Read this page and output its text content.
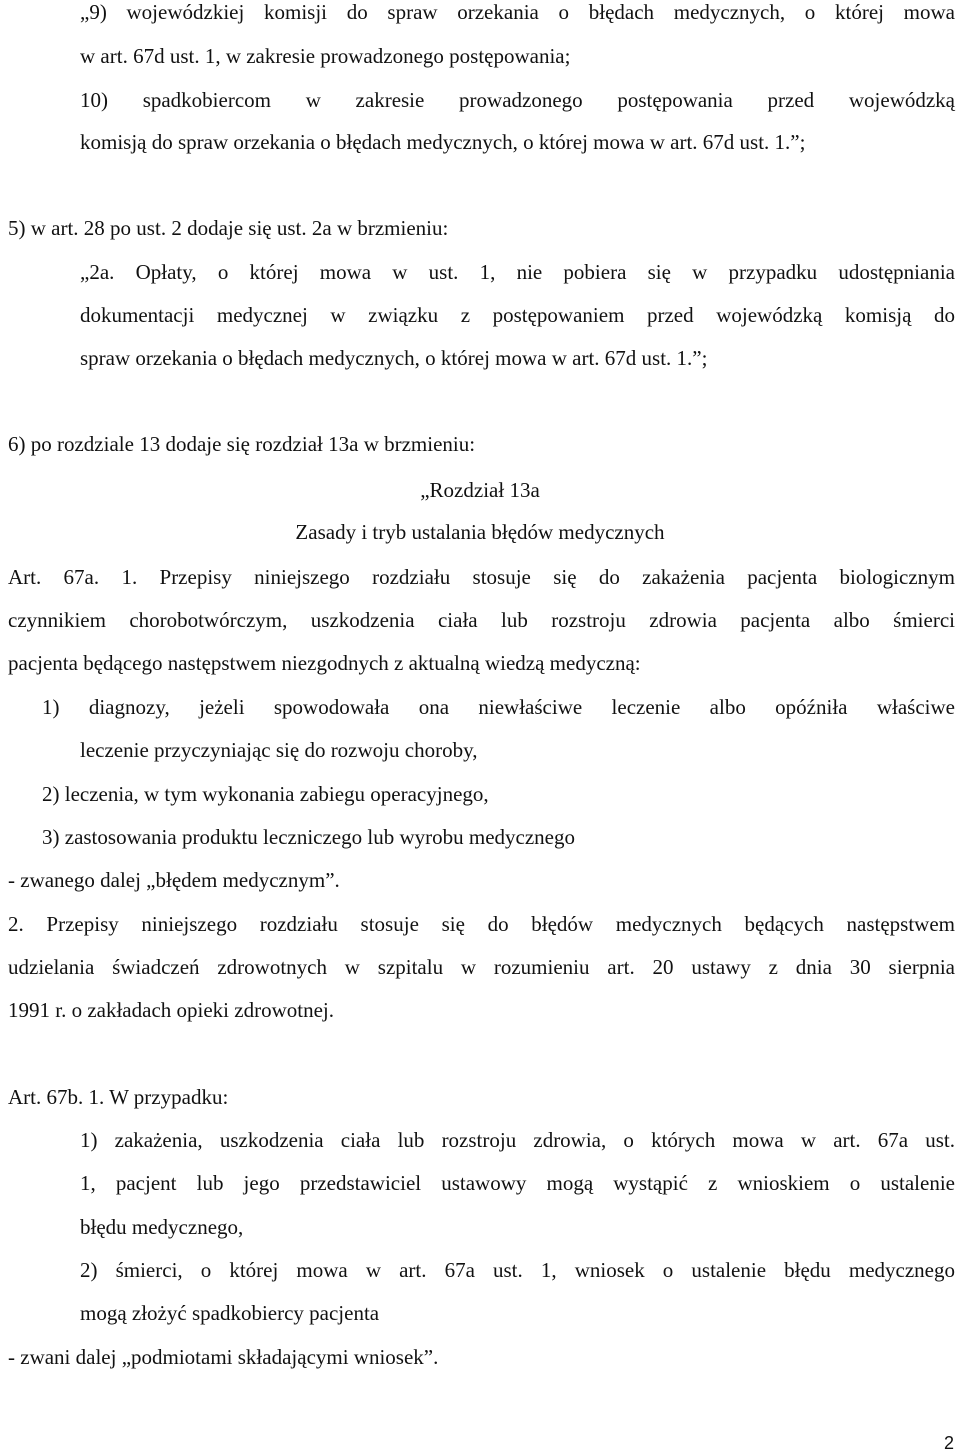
„9) wojewódzkiej komisji do spraw orzekania o błędach medycznych, o której mowa
w art. 67d ust. 1, w zakresie prowadzonego postępowania;
10) spadkobiercom w zakresie prowadzonego postępowania przed wojewódzką
komisją do spraw orzekania o błędach medycznych, o której mowa w art. 67d ust. 1.”;
5) w art. 28 po ust. 2 dodaje się ust. 2a w brzmieniu:
„2a. Opłaty, o której mowa w ust. 1, nie pobiera się w przypadku udostępniania
dokumentacji medycznej w związku z postępowaniem przed wojewódzką komisją do
spraw orzekania o błędach medycznych, o której mowa w art. 67d ust. 1.”;
6) po rozdziale 13 dodaje się rozdział 13a w brzmieniu:
„Rozdział 13a
Zasady i tryb ustalania błędów medycznych
Art. 67a. 1. Przepisy niniejszego rozdziału stosuje się do zakażenia pacjenta biologicznym
czynnikiem chorobotwórczym, uszkodzenia ciała lub rozstroju zdrowia pacjenta albo śmierci
pacjenta będącego następstwem niezgodnych z aktualną wiedzą medyczną:
1) diagnozy, jeżeli spowodowała ona niewłaściwe leczenie albo opóźniła właściwe
leczenie przyczyniając się do rozwoju choroby,
2) leczenia, w tym wykonania zabiegu operacyjnego,
3) zastosowania produktu leczniczego lub wyrobu medycznego
- zwanego dalej „błędem medycznym”.
2. Przepisy niniejszego rozdziału stosuje się do błędów medycznych będących następstwem
udzielania świadczeń zdrowotnych w szpitalu w rozumieniu art. 20 ustawy z dnia 30 sierpnia
1991 r. o zakładach opieki zdrowotnej.
Art. 67b. 1. W przypadku:
1) zakażenia, uszkodzenia ciała lub rozstroju zdrowia, o których mowa w art. 67a ust.
1, pacjent lub jego przedstawiciel ustawowy mogą wystąpić z wnioskiem o ustalenie
błędu medycznego,
2) śmierci, o której mowa w art. 67a ust. 1, wniosek o ustalenie błędu medycznego
mogą złożyć spadkobiercy pacjenta
- zwani dalej „podmiotami składającymi wniosek”.
2
